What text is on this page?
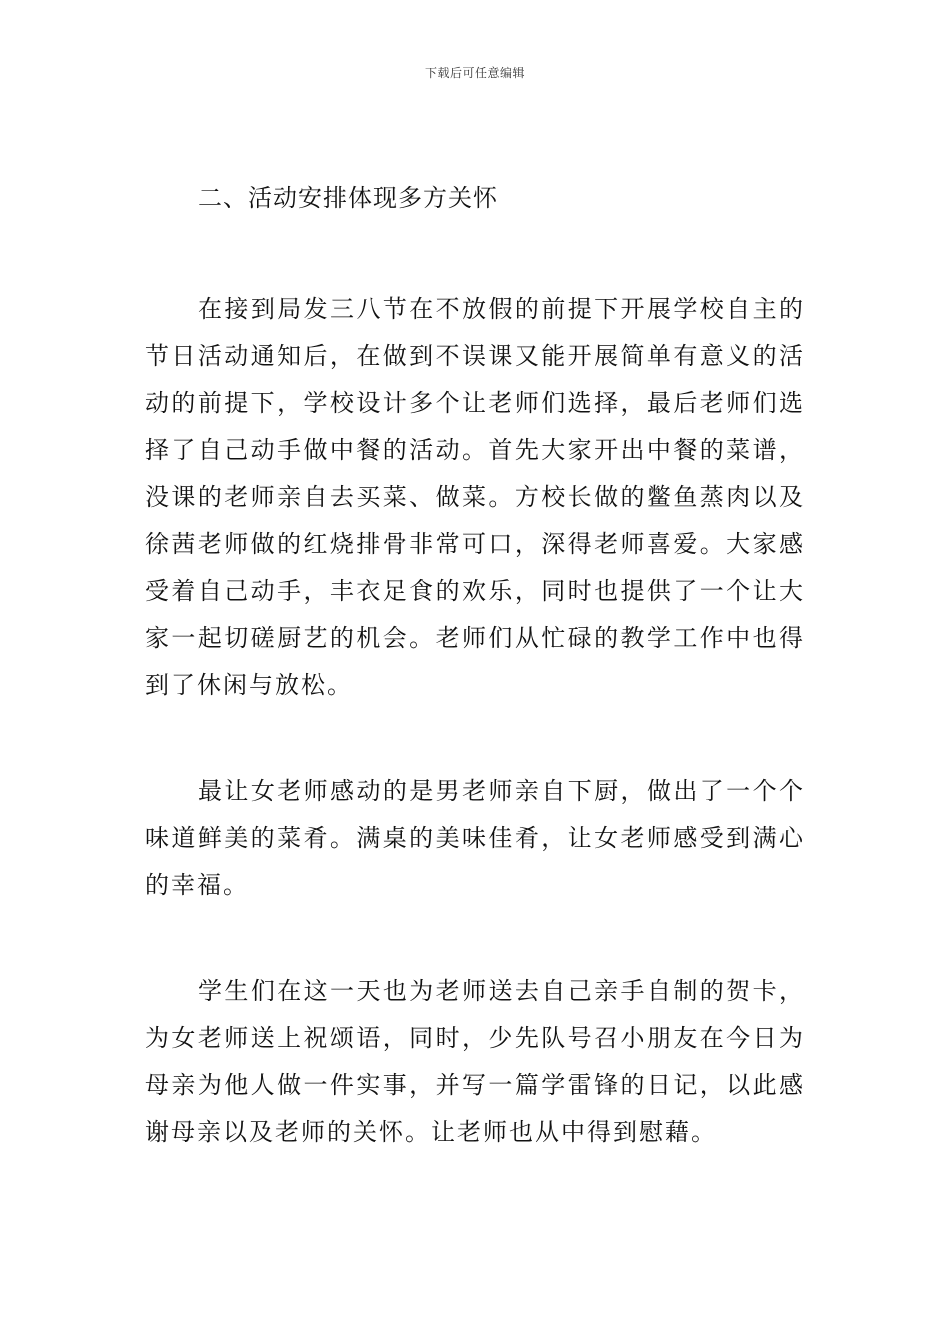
下载后可任意编辑

二、活动安排体现多方关怀

在接到局发三八节在不放假的前提下开展学校自主的节日活动通知后，在做到不误课又能开展简单有意义的活动的前提下，学校设计多个让老师们选择，最后老师们选择了自己动手做中餐的活动。首先大家开出中餐的菜谱，没课的老师亲自去买菜、做菜。方校长做的鳖鱼蒸肉以及徐茜老师做的红烧排骨非常可口，深得老师喜爱。大家感受着自己动手，丰衣足食的欢乐，同时也提供了一个让大家一起切磋厨艺的机会。老师们从忙碌的教学工作中也得到了休闲与放松。

最让女老师感动的是男老师亲自下厨，做出了一个个味道鲜美的菜肴。满桌的美味佳肴，让女老师感受到满心的幸福。

学生们在这一天也为老师送去自己亲手自制的贺卡，为女老师送上祝颂语，同时，少先队号召小朋友在今日为母亲为他人做一件实事，并写一篇学雷锋的日记，以此感谢母亲以及老师的关怀。让老师也从中得到慰藉。
